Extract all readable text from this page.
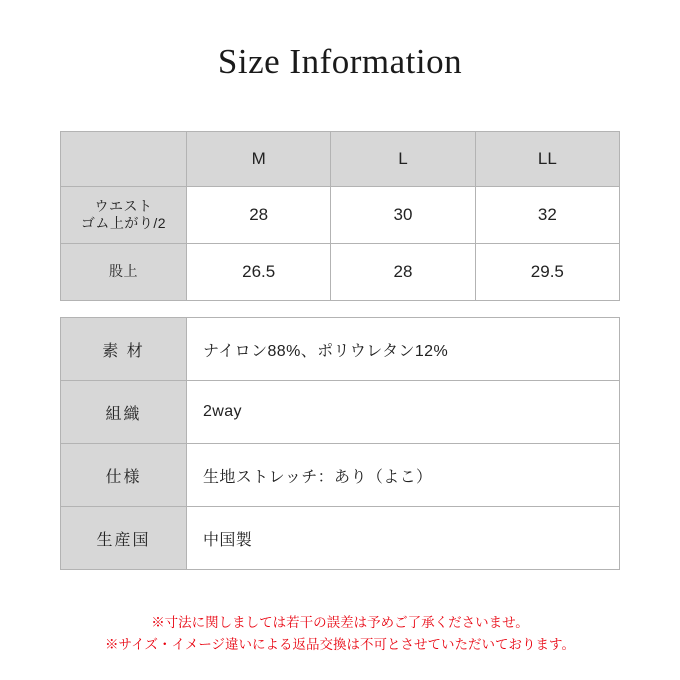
Size Information
	M	L	LL

ウエスト
ゴム上がり/2	28	30	32
股上	26.5	28	29.5
素 材	ナイロン88%、ポリウレタン12%
組織	2way
仕様	生地ストレッチ：あり（よこ）
生産国	中国製
※寸法に関しましては若干の誤差は予めご了承くださいませ。
※サイズ・イメージ違いによる返品交換は不可とさせていただいております。
